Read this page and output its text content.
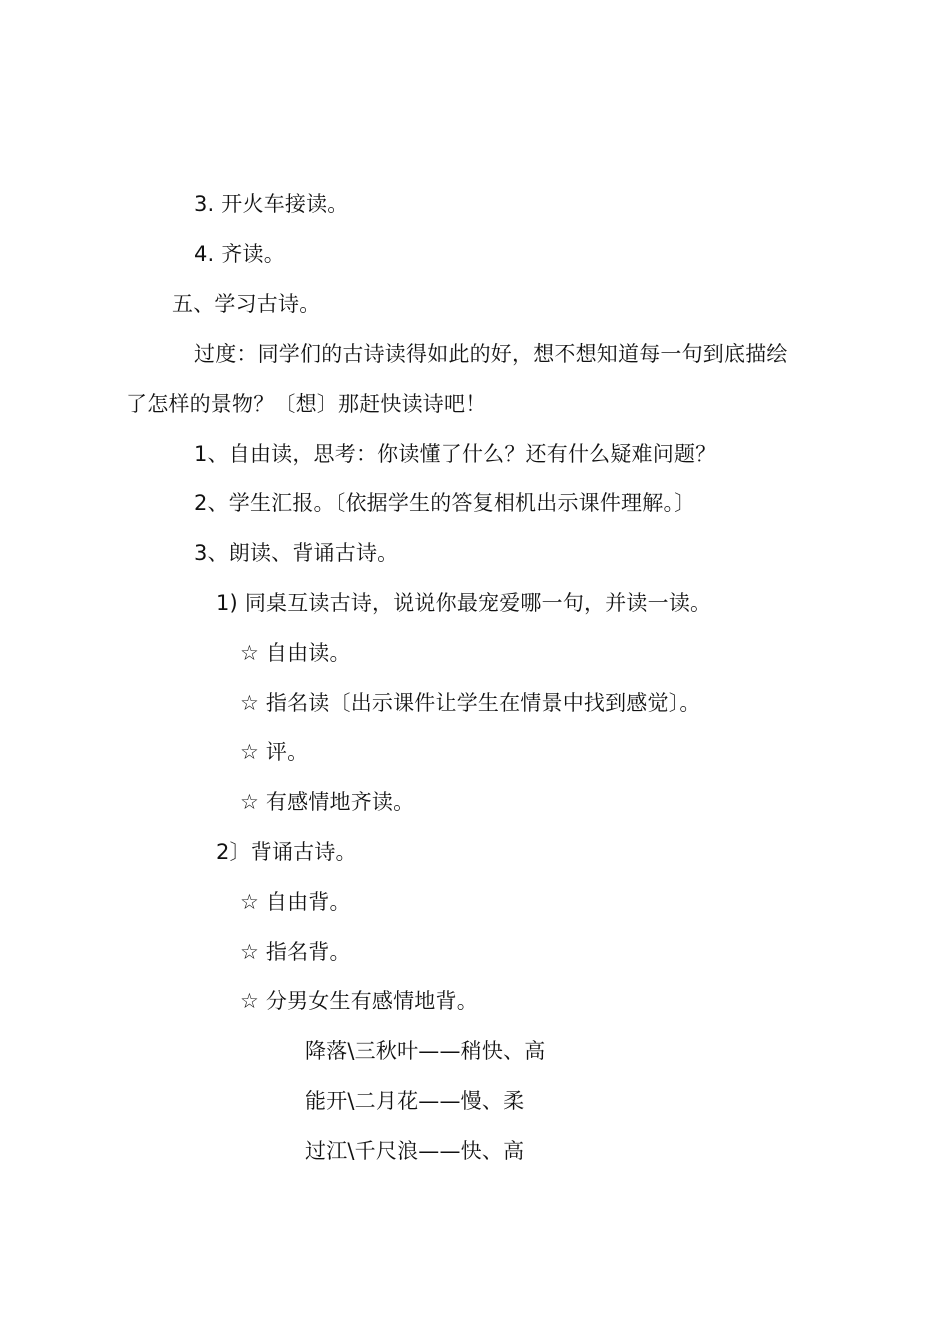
3. 开火车接读。
4. 齐读。
五、学习古诗。
过度：同学们的古诗读得如此的好，想不想知道每一句到底描绘
了怎样的景物？〔想〕那赶快读诗吧！
1、自由读，思考：你读懂了什么？还有什么疑难问题？
2、学生汇报。〔依据学生的答复相机出示课件理解。〕
3、朗读、背诵古诗。
1) 同桌互读古诗，说说你最宠爱哪一句，并读一读。
☆ 自由读。
☆ 指名读〔出示课件让学生在情景中找到感觉〕。
☆ 评。
☆ 有感情地齐读。
2〕背诵古诗。
☆ 自由背。
☆ 指名背。
☆ 分男女生有感情地背。
降落\三秋叶——稍快、高
能开\二月花——慢、柔
过江\千尺浪——快、高
